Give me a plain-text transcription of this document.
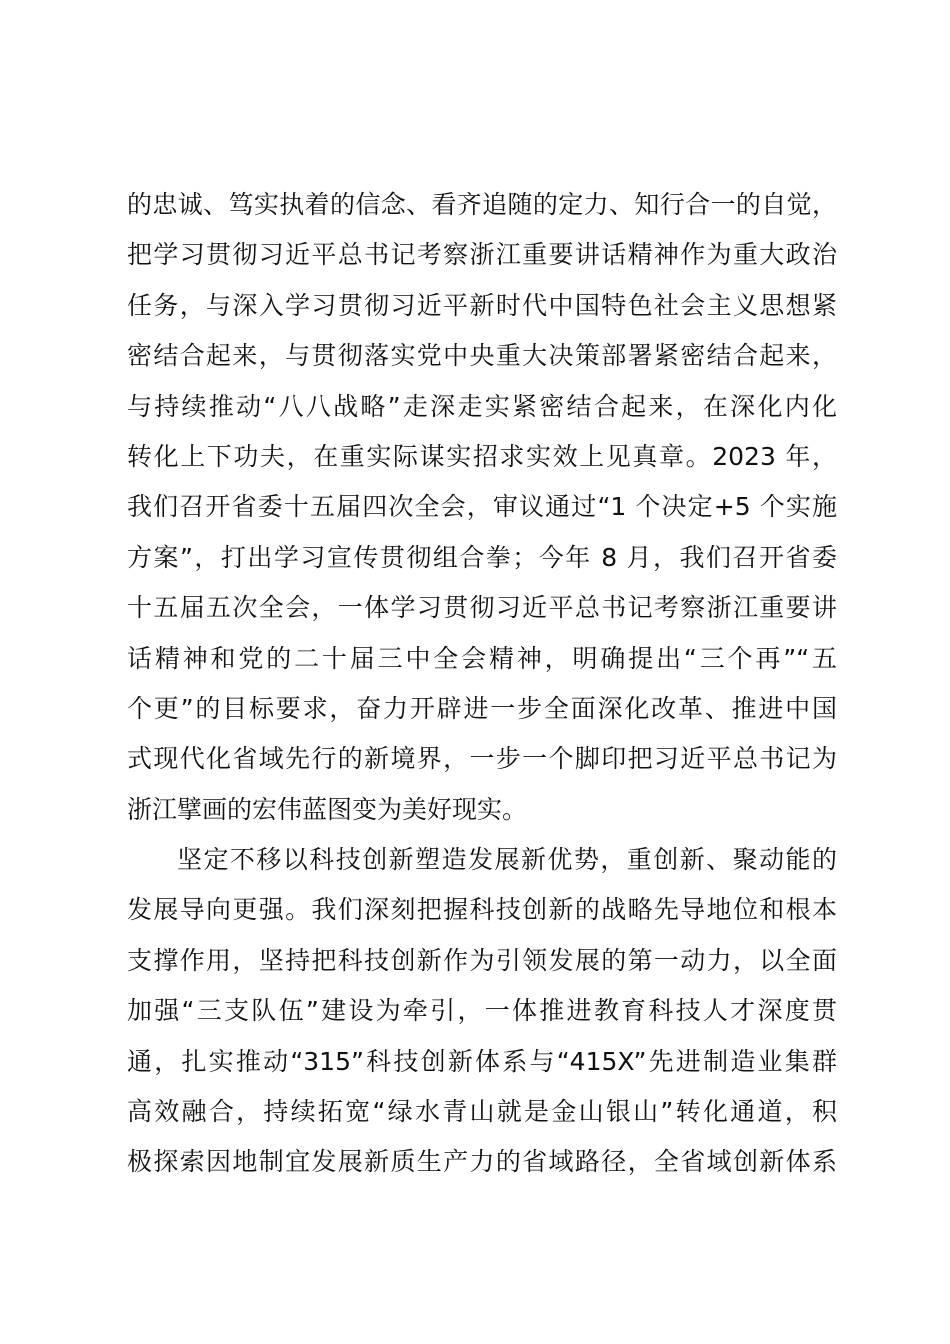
的忠诚、笃实执着的信念、看齐追随的定力、知行合一的自觉，
把学习贯彻习近平总书记考察浙江重要讲话精神作为重大政治
任务，与深入学习贯彻习近平新时代中国特色社会主义思想紧
密结合起来，与贯彻落实党中央重大决策部署紧密结合起来，
与持续推动“八八战略”走深走实紧密结合起来，在深化内化
转化上下功夫，在重实际谋实招求实效上见真章。2023 年，
我们召开省委十五届四次全会，审议通过“1 个决定+5 个实施
方案”，打出学习宣传贯彻组合拳；今年 8 月，我们召开省委
十五届五次全会，一体学习贯彻习近平总书记考察浙江重要讲
话精神和党的二十届三中全会精神，明确提出“三个再”“五
个更”的目标要求，奋力开辟进一步全面深化改革、推进中国
式现代化省域先行的新境界，一步一个脚印把习近平总书记为
浙江擘画的宏伟蓝图变为美好现实。
坚定不移以科技创新塑造发展新优势，重创新、聚动能的
发展导向更强。我们深刻把握科技创新的战略先导地位和根本
支撑作用，坚持把科技创新作为引领发展的第一动力，以全面
加强“三支队伍”建设为牵引，一体推进教育科技人才深度贯
通，扎实推动“315”科技创新体系与“415X”先进制造业集群
高效融合，持续拓宽“绿水青山就是金山银山”转化通道，积
极探索因地制宜发展新质生产力的省域路径，全省域创新体系
